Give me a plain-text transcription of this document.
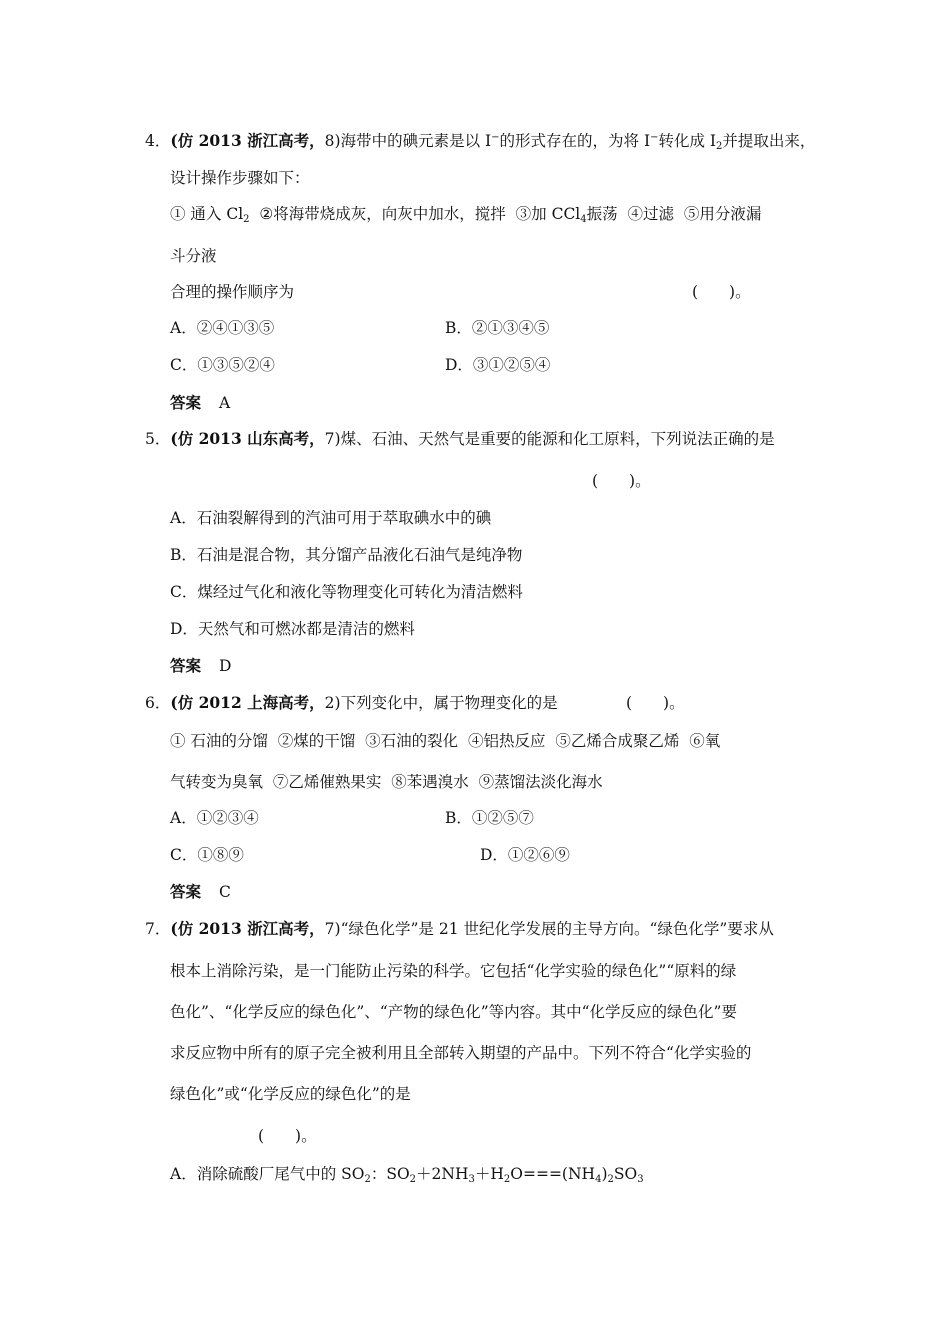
4．(仿 2013 浙江高考，8)海带中的碘元素是以 I−的形式存在的，为将 I−转化成 $I_2$并提取出来，
设计操作步骤如下：
① 通入 $Cl_2$  ②将海带烧成灰，向灰中加水，搅拌  ③加 CCl$_4$振荡  ④过滤  ⑤用分液漏
斗分液
合理的操作顺序为	(　　)。
A．②④①③⑤	B．②①③④⑤
C．①③⑤②④	D．③①②⑤④
答案 A
5．(仿 2013 山东高考，7)煤、石油、天然气是重要的能源和化工原料，下列说法正确的是
(　　)。
A．石油裂解得到的汽油可用于萃取碘水中的碘
B．石油是混合物，其分馏产品液化石油气是纯净物
C．煤经过气化和液化等物理变化可转化为清洁燃料
D．天然气和可燃冰都是清洁的燃料
答案 D
6．(仿 2012 上海高考，2)下列变化中，属于物理变化的是	(　　)。
① 石油的分馏  ②煤的干馏  ③石油的裂化  ④铝热反应  ⑤乙烯合成聚乙烯  ⑥氧
气转变为臭氧  ⑦乙烯催熟果实  ⑧苯遇溴水  ⑨蒸馏法淡化海水
A．①②③④	B．①②⑤⑦
C．①⑧⑨	D．①②⑥⑨
答案 C
7．(仿 2013 浙江高考，7)“绿色化学”是 21 世纪化学发展的主导方向。“绿色化学”要求从
根本上消除污染，是一门能防止污染的科学。它包括“化学实验的绿色化”“原料的绿
色化”、“化学反应的绿色化”、“产物的绿色化”等内容。其中“化学反应的绿色化”要
求反应物中所有的原子完全被利用且全部转入期望的产品中。下列不符合“化学实验的
绿色化”或“化学反应的绿色化”的是
(　　)。
A．消除硫酸厂尾气中的 $SO_2$：$SO_2+2NH_3+H_2O===(NH_4)_2SO_3$
